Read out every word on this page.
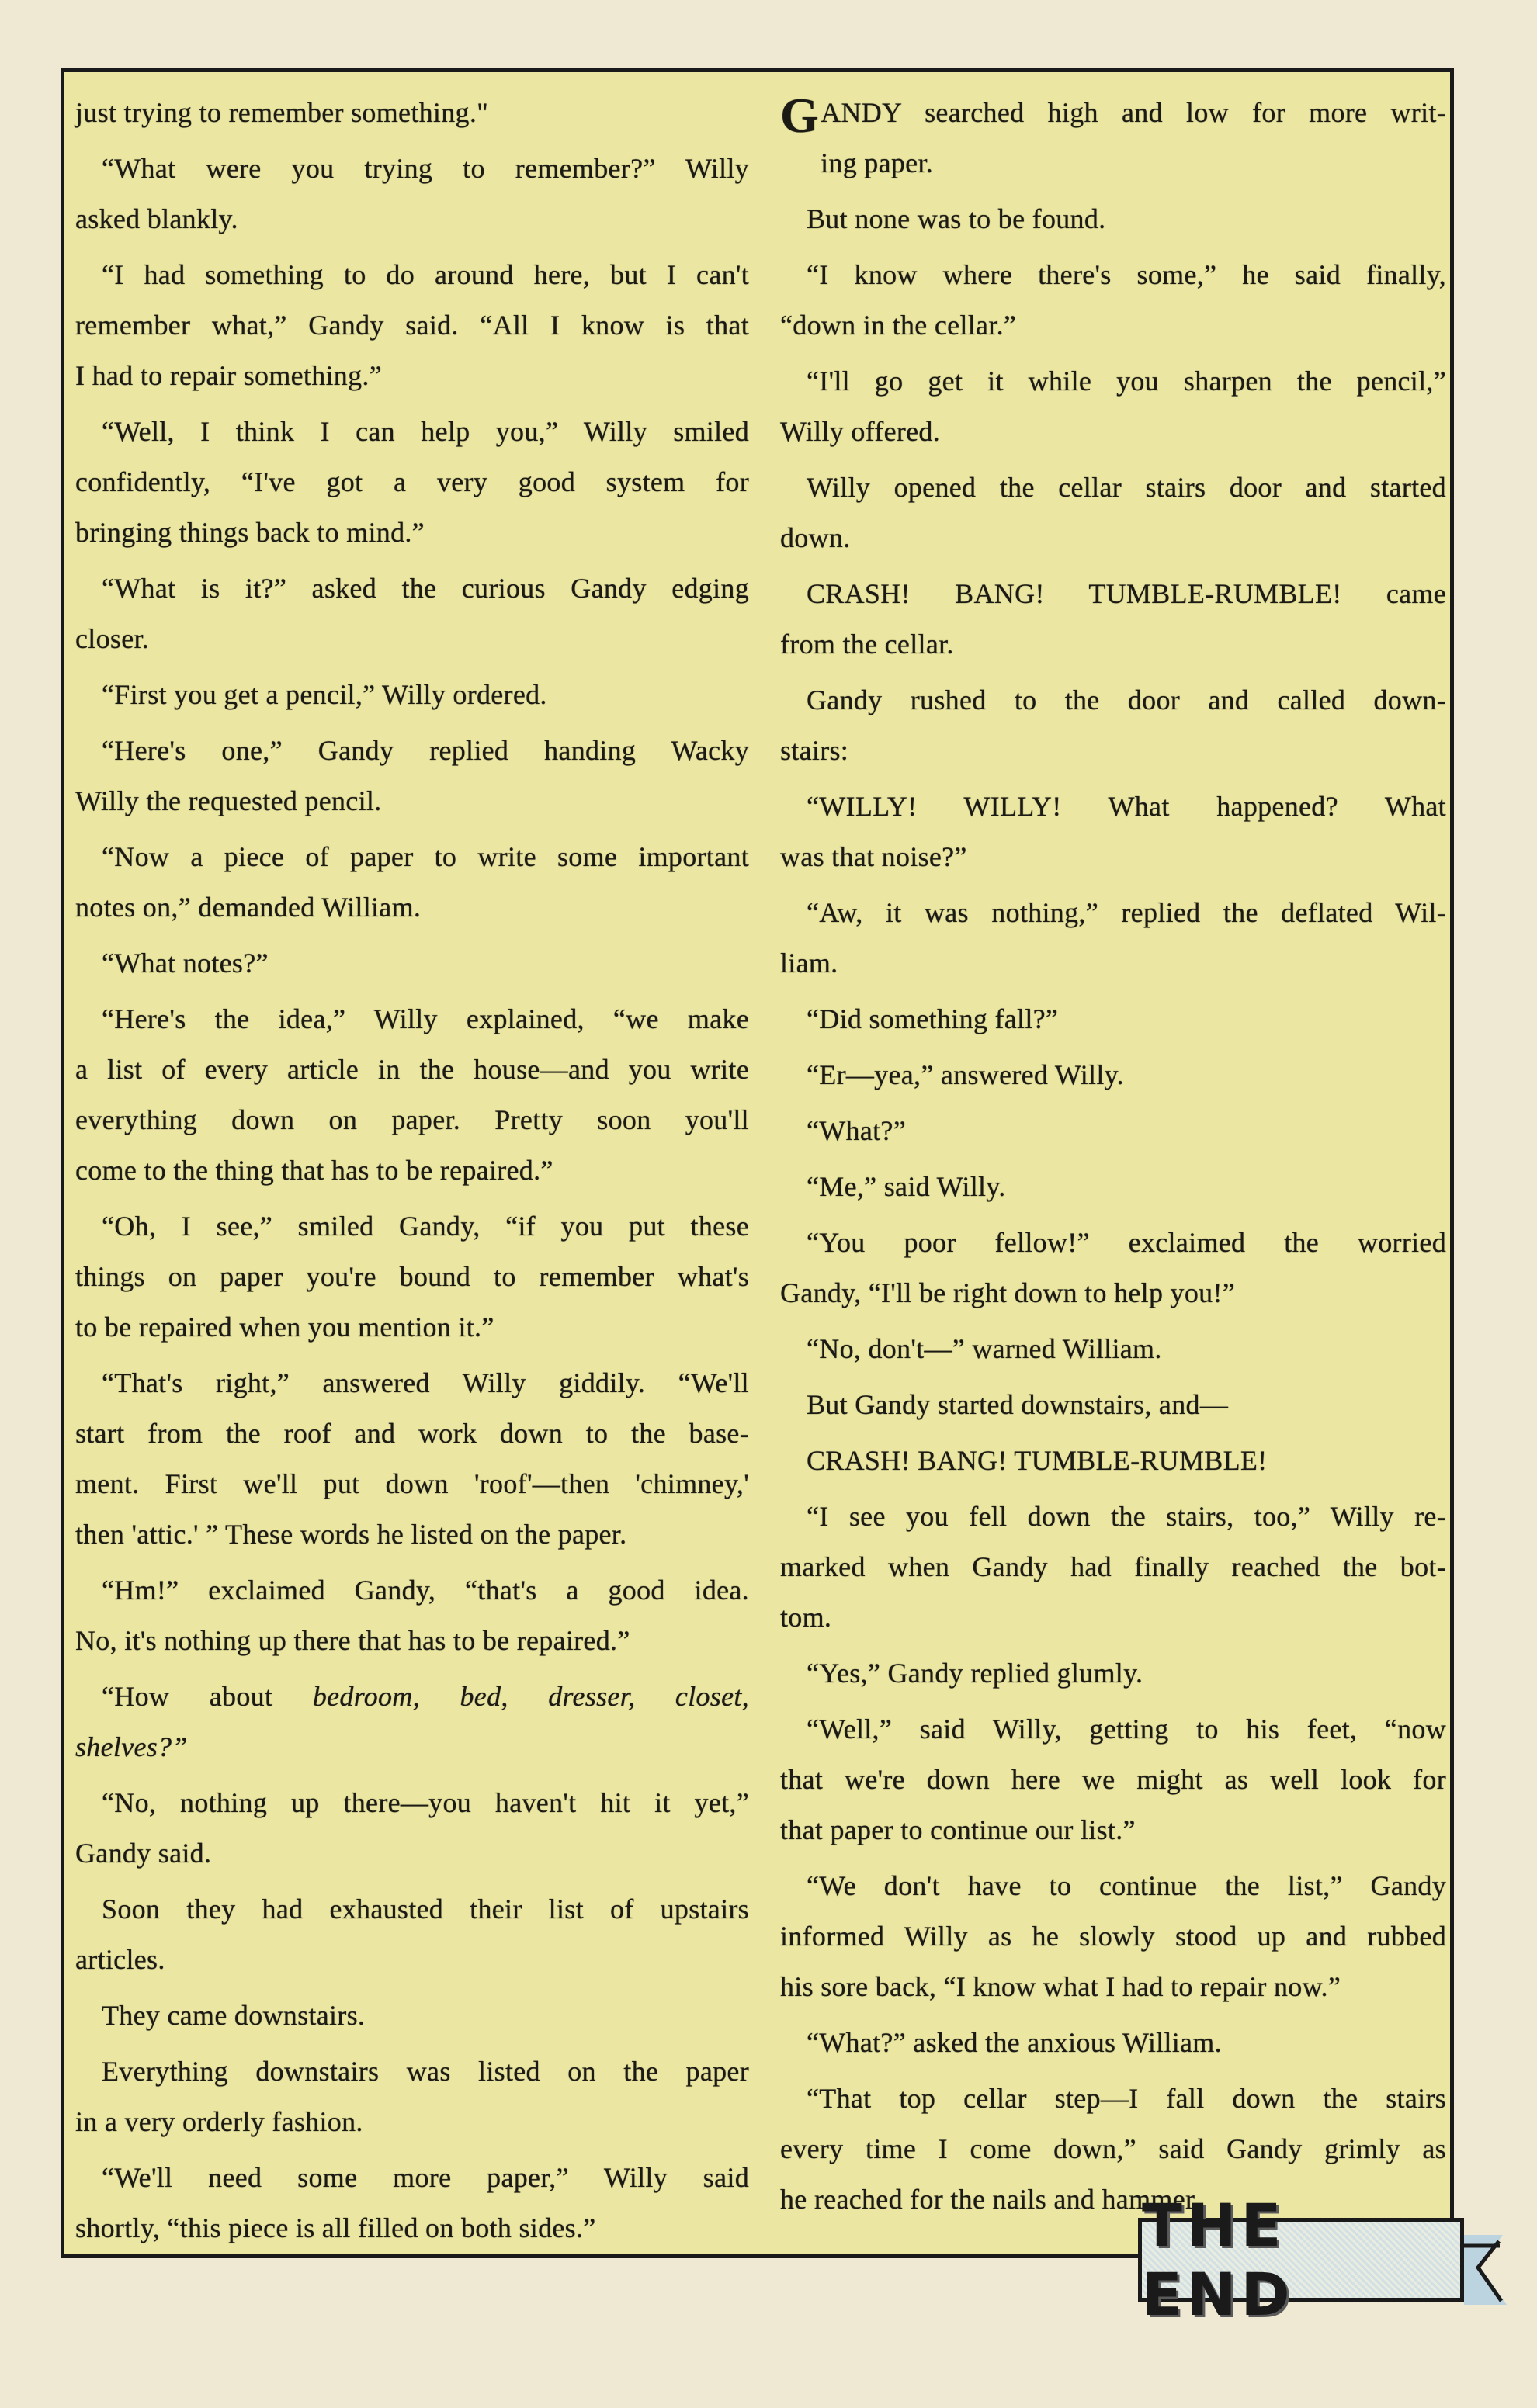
just trying to remember something."
“What were you trying to remember?” Willy
asked blankly.
“I had something to do around here, but I can't
remember what,” Gandy said. “All I know is that
I had to repair something.”
“Well, I think I can help you,” Willy smiled
confidently, “I've got a very good system for
bringing things back to mind.”
“What is it?” asked the curious Gandy edging
closer.
“First you get a pencil,” Willy ordered.
“Here's one,” Gandy replied handing Wacky
Willy the requested pencil.
“Now a piece of paper to write some important
notes on,” demanded William.
“What notes?”
“Here's the idea,” Willy explained, “we make
a list of every article in the house—and you write
everything down on paper. Pretty soon you'll
come to the thing that has to be repaired.”
“Oh, I see,” smiled Gandy, “if you put these
things on paper you're bound to remember what's
to be repaired when you mention it.”
“That's right,” answered Willy giddily. “We'll
start from the roof and work down to the base-
ment. First we'll put down 'roof'—then 'chimney,'
then 'attic.' ” These words he listed on the paper.
“Hm!” exclaimed Gandy, “that's a good idea.
No, it's nothing up there that has to be repaired.”
“How about bedroom, bed, dresser, closet,
shelves?”
“No, nothing up there—you haven't hit it yet,”
Gandy said.
Soon they had exhausted their list of upstairs
articles.
They came downstairs.
Everything downstairs was listed on the paper
in a very orderly fashion.
“We'll need some more paper,” Willy said
shortly, “this piece is all filled on both sides.”
GANDY searched high and low for more writ-
ing paper.
But none was to be found.
“I know where there's some,” he said finally,
“down in the cellar.”
“I'll go get it while you sharpen the pencil,”
Willy offered.
Willy opened the cellar stairs door and started
down.
CRASH! BANG! TUMBLE-RUMBLE! came
from the cellar.
Gandy rushed to the door and called down-
stairs:
“WILLY! WILLY! What happened? What
was that noise?”
“Aw, it was nothing,” replied the deflated Wil-
liam.
“Did something fall?”
“Er—yea,” answered Willy.
“What?”
“Me,” said Willy.
“You poor fellow!” exclaimed the worried
Gandy, “I'll be right down to help you!”
“No, don't—” warned William.
But Gandy started downstairs, and—
CRASH! BANG! TUMBLE-RUMBLE!
“I see you fell down the stairs, too,” Willy re-
marked when Gandy had finally reached the bot-
tom.
“Yes,” Gandy replied glumly.
“Well,” said Willy, getting to his feet, “now
that we're down here we might as well look for
that paper to continue our list.”
“We don't have to continue the list,” Gandy
informed Willy as he slowly stood up and rubbed
his sore back, “I know what I had to repair now.”
“What?” asked the anxious William.
“That top cellar step—I fall down the stairs
every time I come down,” said Gandy grimly as
he reached for the nails and hammer.
THE END
